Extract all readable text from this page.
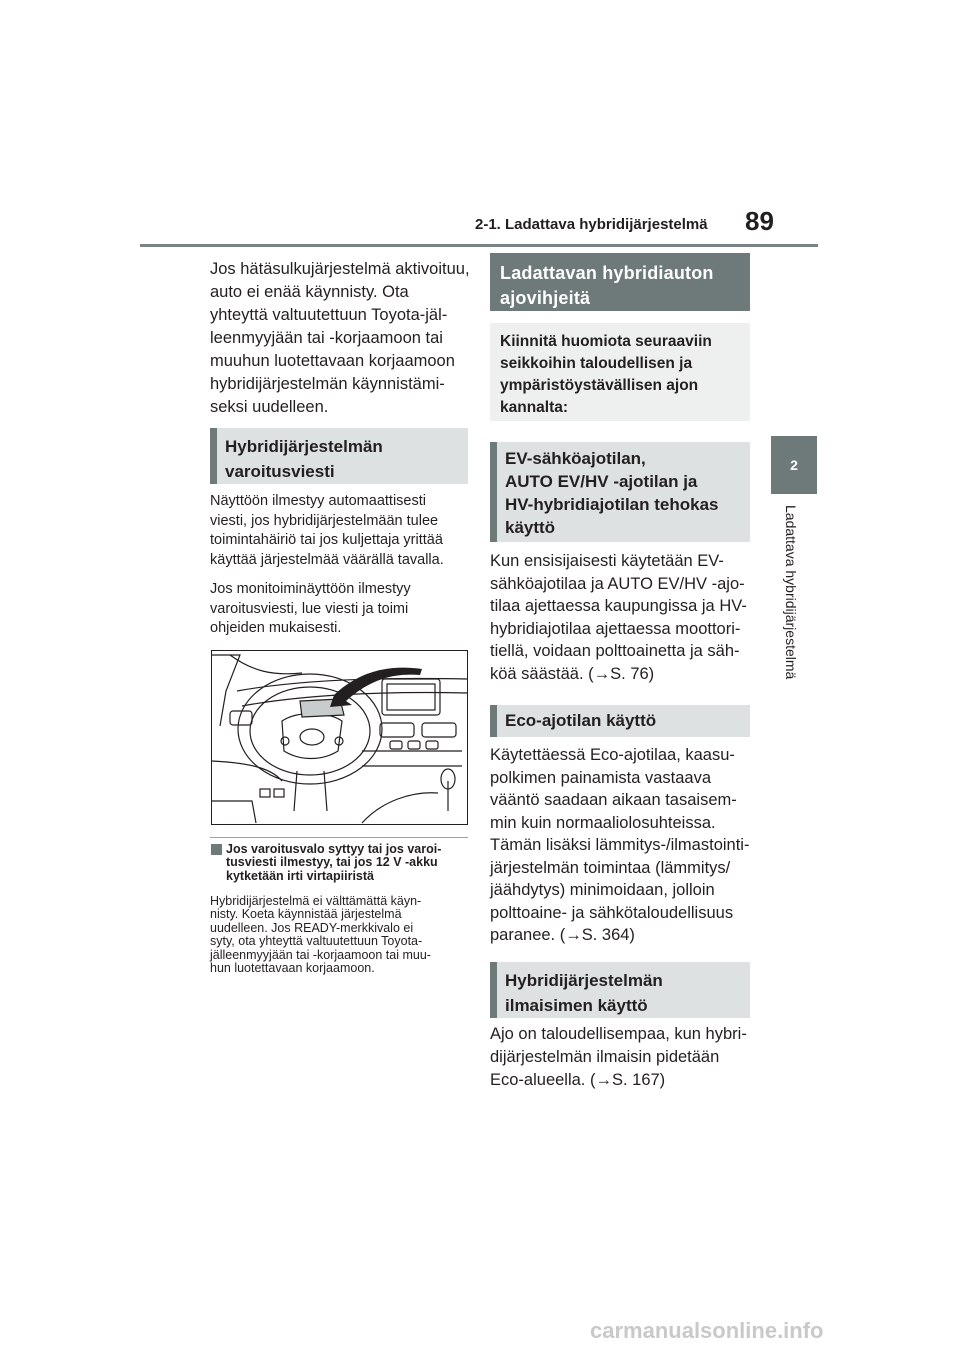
2-1. Ladattava hybridijärjestelmä 89
2
Ladattava hybridijärjestelmä
Jos hätäsulkujärjestelmä aktivoituu,
auto ei enää käynnisty. Ota
yhteyttä valtuutettuun Toyota-jäl-
leenmyyjään tai -korjaamoon tai
muuhun luotettavaan korjaamoon
hybridijärjestelmän käynnistämi-
seksi uudelleen.
Hybridijärjestelmän
varoitusviesti
Näyttöön ilmestyy automaattisesti
viesti, jos hybridijärjestelmään tulee
toimintahäiriö tai jos kuljettaja yrittää
käyttää järjestelmää väärällä tavalla.
Jos monitoiminäyttöön ilmestyy
varoitusviesti, lue viesti ja toimi
ohjeiden mukaisesti.
Jos varoitusvalo syttyy tai jos varoi-
tusviesti ilmestyy, tai jos 12 V -akku
kytketään irti virtapiiristä
Hybridijärjestelmä ei välttämättä käyn-
nisty. Koeta käynnistää järjestelmä
uudelleen. Jos READY-merkkivalo ei
syty, ota yhteyttä valtuutettuun Toyota-
jälleenmyyjään tai -korjaamoon tai muu-
hun luotettavaan korjaamoon.
Ladattavan hybridiauton
ajovihjeitä
Kiinnitä huomiota seuraaviin
seikkoihin taloudellisen ja
ympäristöystävällisen ajon
kannalta:
EV-sähköajotilan,
AUTO EV/HV -ajotilan ja
HV-hybridiajotilan tehokas
käyttö
Kun ensisijaisesti käytetään EV-
sähköajotilaa ja AUTO EV/HV -ajo-
tilaa ajettaessa kaupungissa ja HV-
hybridiajotilaa ajettaessa moottori-
tiellä, voidaan polttoainetta ja säh-
köä säästää. (→S. 76)
Eco-ajotilan käyttö
Käytettäessä Eco-ajotilaa, kaasu-
polkimen painamista vastaava
vääntö saadaan aikaan tasaisem-
min kuin normaaliolosuhteissa.
Tämän lisäksi lämmitys-/ilmastointi-
järjestelmän toimintaa (lämmitys/
jäähdytys) minimoidaan, jolloin
polttoaine- ja sähkötaloudellisuus
paranee. (→S. 364)
Hybridijärjestelmän
ilmaisimen käyttö
Ajo on taloudellisempaa, kun hybri-
dijärjestelmän ilmaisin pidetään
Eco-alueella. (→S. 167)
carmanualsonline.info
